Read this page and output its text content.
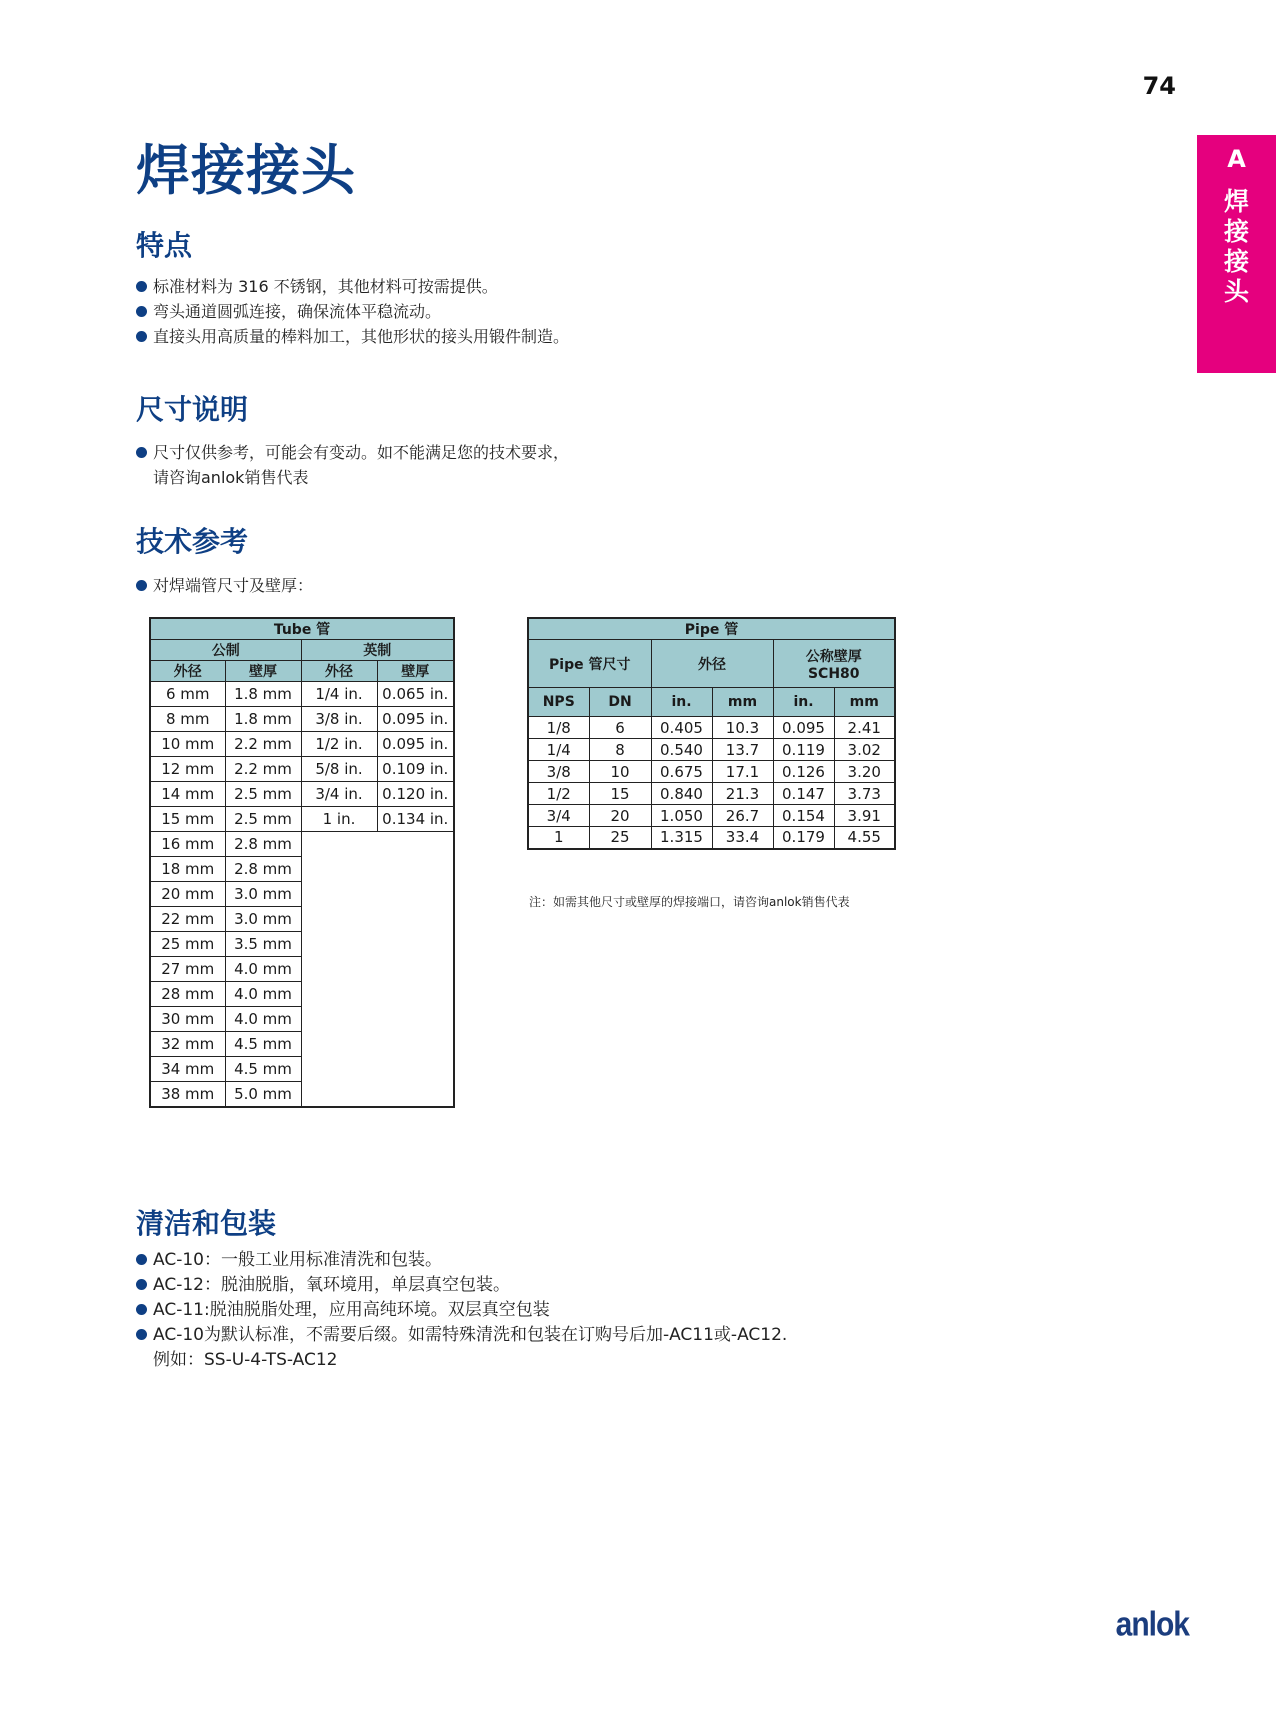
74
A
焊
接
接
头
焊接接头
特点
标准材料为 316 不锈钢，其他材料可按需提供。
弯头通道圆弧连接，确保流体平稳流动。
直接头用高质量的棒料加工，其他形状的接头用锻件制造。
尺寸说明
尺寸仅供参考，可能会有变动。如不能满足您的技术要求，
请咨询anlok销售代表
技术参考
对焊端管尺寸及壁厚：
Tube 管			
公制		英制	
外径	壁厚	外径	壁厚
6 mm	1.8 mm	1/4 in.	0.065 in.
8 mm	1.8 mm	3/8 in.	0.095 in.
10 mm	2.2 mm	1/2 in.	0.095 in.
12 mm	2.2 mm	5/8 in.	0.109 in.
14 mm	2.5 mm	3/4 in.	0.120 in.
15 mm	2.5 mm	1 in.	0.134 in.
16 mm	2.8 mm		
18 mm	2.8 mm		
20 mm	3.0 mm		
22 mm	3.0 mm		
25 mm	3.5 mm		
27 mm	4.0 mm		
28 mm	4.0 mm		
30 mm	4.0 mm		
32 mm	4.5 mm		
34 mm	4.5 mm		
38 mm	5.0 mm		
Pipe 管					
Pipe 管尺寸		外径		公称壁厚
SCH80	

NPS	DN	in.	mm	in.	mm
1/8	6	0.405	10.3	0.095	2.41
1/4	8	0.540	13.7	0.119	3.02
3/8	10	0.675	17.1	0.126	3.20
1/2	15	0.840	21.3	0.147	3.73
3/4	20	1.050	26.7	0.154	3.91
1	25	1.315	33.4	0.179	4.55
注：如需其他尺寸或壁厚的焊接端口，请咨询anlok销售代表
清洁和包装
AC-10：一般工业用标准清洗和包装。
AC-12：脱油脱脂，氧环境用，单层真空包装。
AC-11:脱油脱脂处理，应用高纯环境。双层真空包装
AC-10为默认标准，不需要后缀。如需特殊清洗和包装在订购号后加-AC11或-AC12.
例如：SS-U-4-TS-AC12
anlok
